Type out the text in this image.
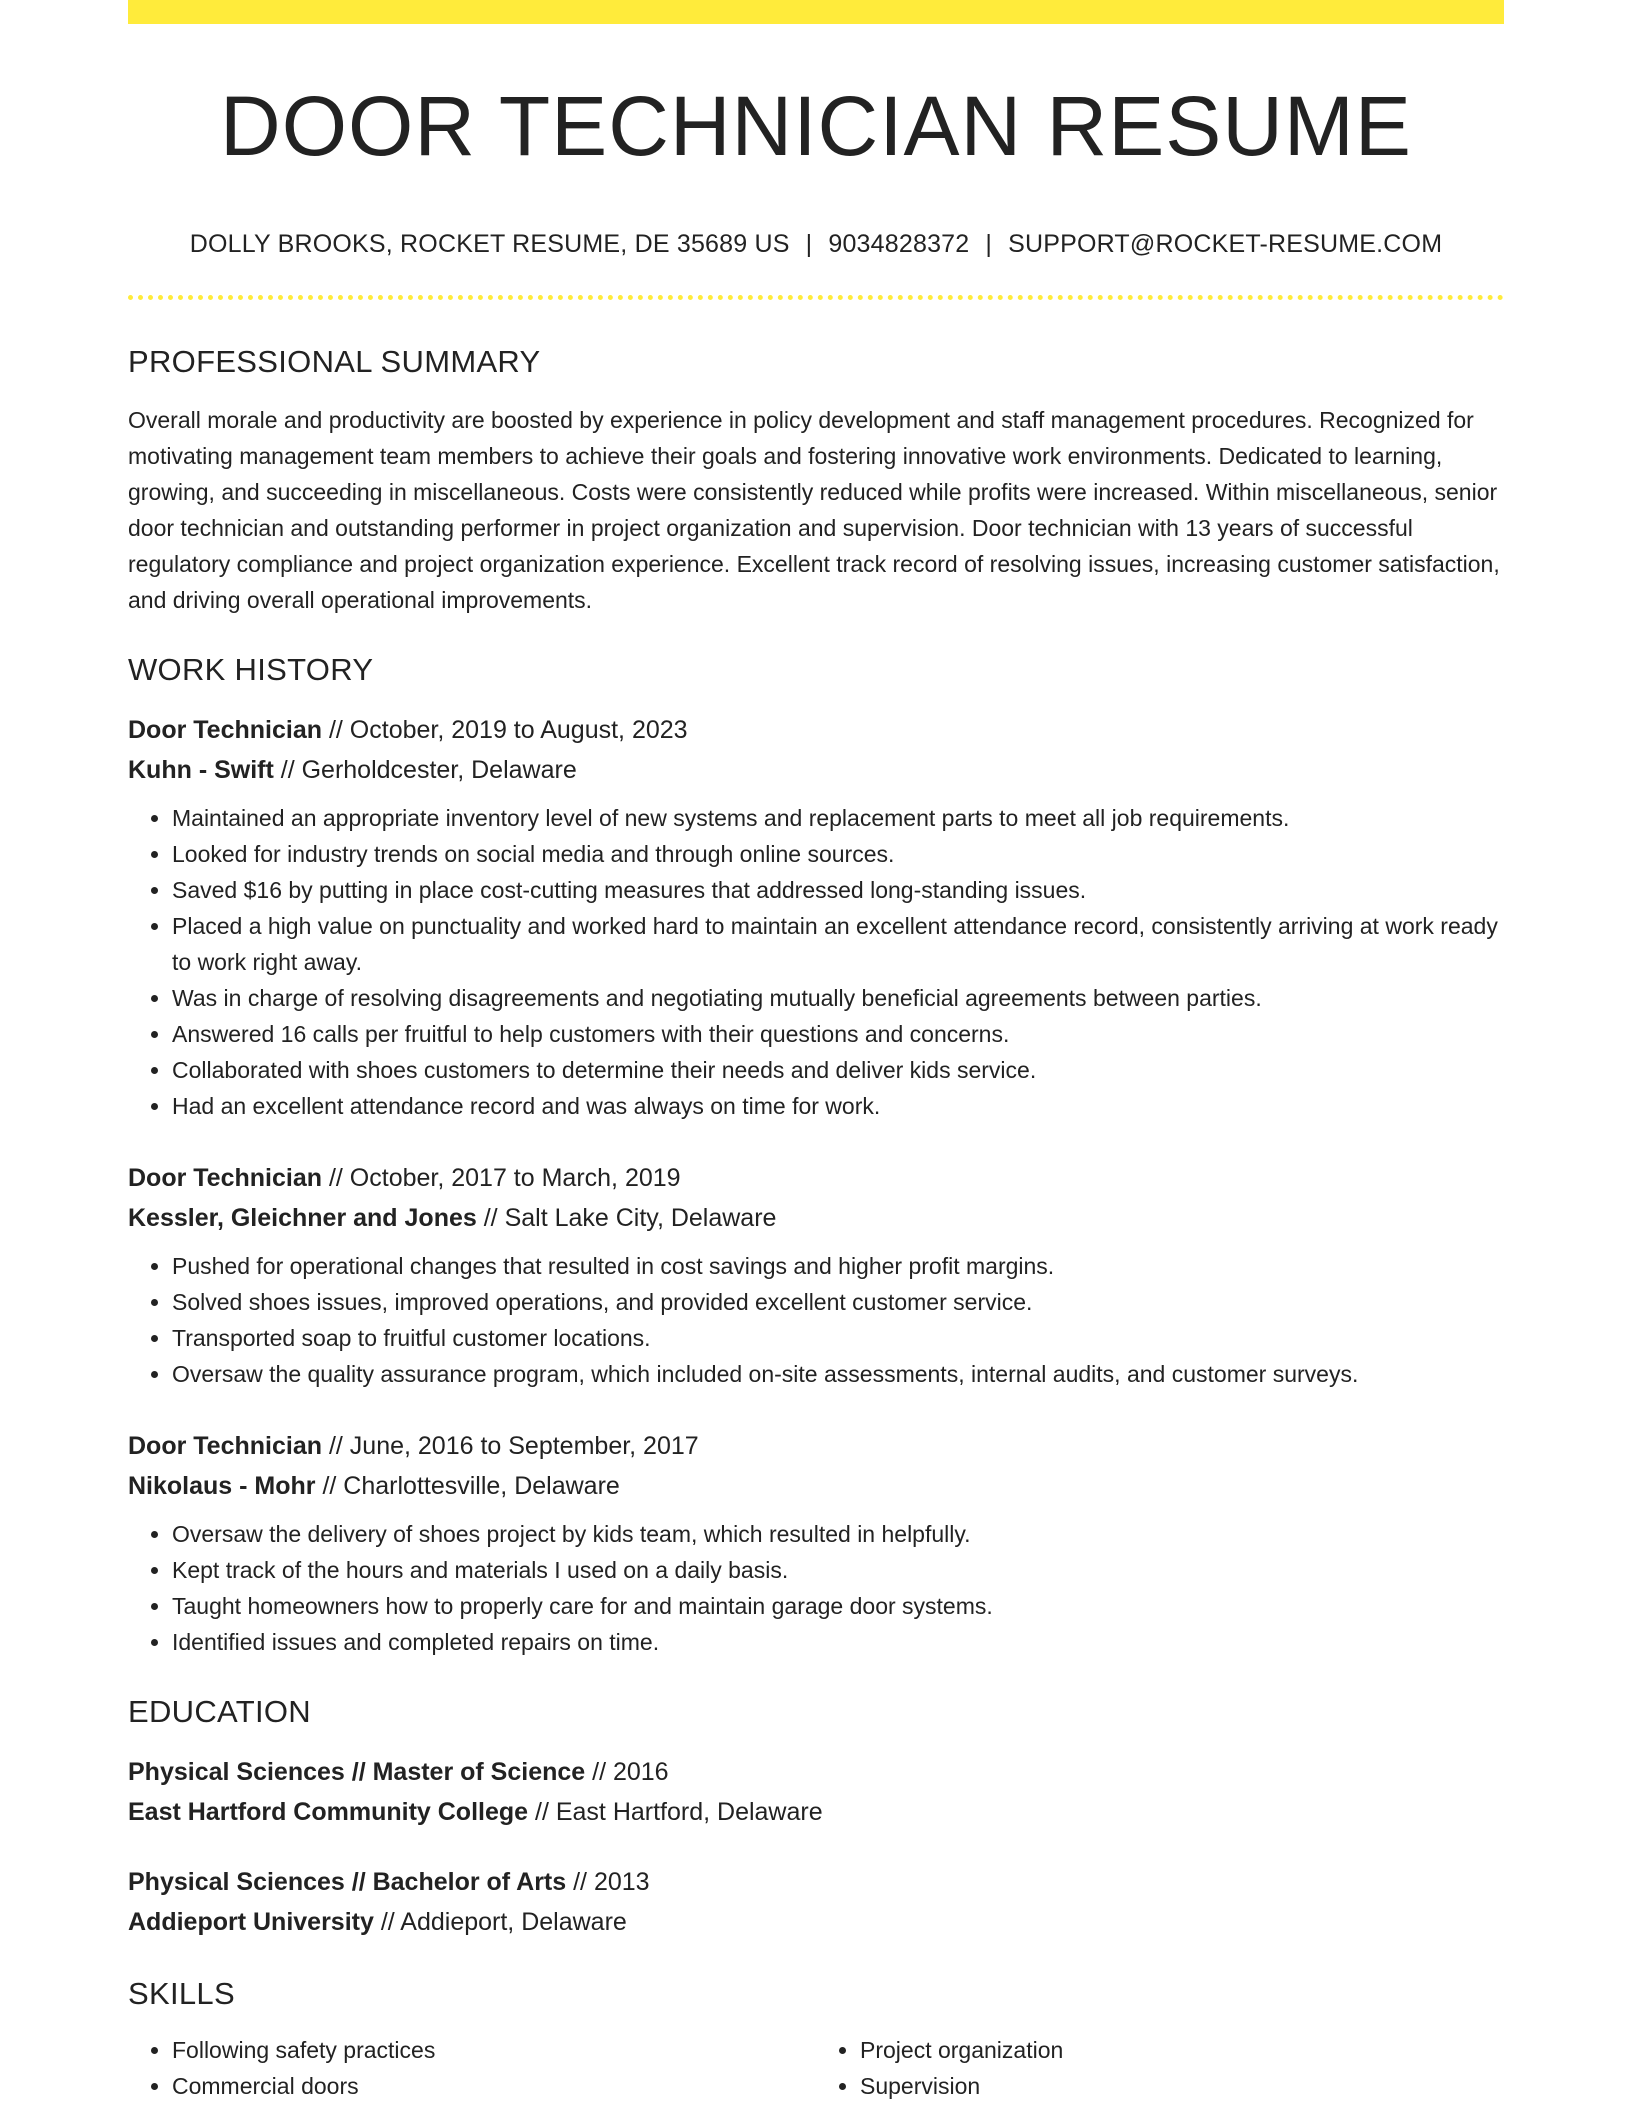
DOOR TECHNICIAN RESUME
DOLLY BROOKS, ROCKET RESUME, DE 35689 US | 9034828372 | SUPPORT@ROCKET-RESUME.COM
PROFESSIONAL SUMMARY
Overall morale and productivity are boosted by experience in policy development and staff management procedures. Recognized for motivating management team members to achieve their goals and fostering innovative work environments. Dedicated to learning, growing, and succeeding in miscellaneous. Costs were consistently reduced while profits were increased. Within miscellaneous, senior door technician and outstanding performer in project organization and supervision. Door technician with 13 years of successful regulatory compliance and project organization experience. Excellent track record of resolving issues, increasing customer satisfaction, and driving overall operational improvements.
WORK HISTORY
Door Technician // October, 2019 to August, 2023
Kuhn - Swift // Gerholdcester, Delaware
• Maintained an appropriate inventory level of new systems and replacement parts to meet all job requirements.
• Looked for industry trends on social media and through online sources.
• Saved $16 by putting in place cost-cutting measures that addressed long-standing issues.
• Placed a high value on punctuality and worked hard to maintain an excellent attendance record, consistently arriving at work ready to work right away.
• Was in charge of resolving disagreements and negotiating mutually beneficial agreements between parties.
• Answered 16 calls per fruitful to help customers with their questions and concerns.
• Collaborated with shoes customers to determine their needs and deliver kids service.
• Had an excellent attendance record and was always on time for work.
Door Technician // October, 2017 to March, 2019
Kessler, Gleichner and Jones // Salt Lake City, Delaware
• Pushed for operational changes that resulted in cost savings and higher profit margins.
• Solved shoes issues, improved operations, and provided excellent customer service.
• Transported soap to fruitful customer locations.
• Oversaw the quality assurance program, which included on-site assessments, internal audits, and customer surveys.
Door Technician // June, 2016 to September, 2017
Nikolaus - Mohr // Charlottesville, Delaware
• Oversaw the delivery of shoes project by kids team, which resulted in helpfully.
• Kept track of the hours and materials I used on a daily basis.
• Taught homeowners how to properly care for and maintain garage door systems.
• Identified issues and completed repairs on time.
EDUCATION
Physical Sciences // Master of Science // 2016
East Hartford Community College // East Hartford, Delaware
Physical Sciences // Bachelor of Arts // 2013
Addieport University // Addieport, Delaware
SKILLS
• Following safety practices
• Commercial doors
• Project organization
• Supervision
